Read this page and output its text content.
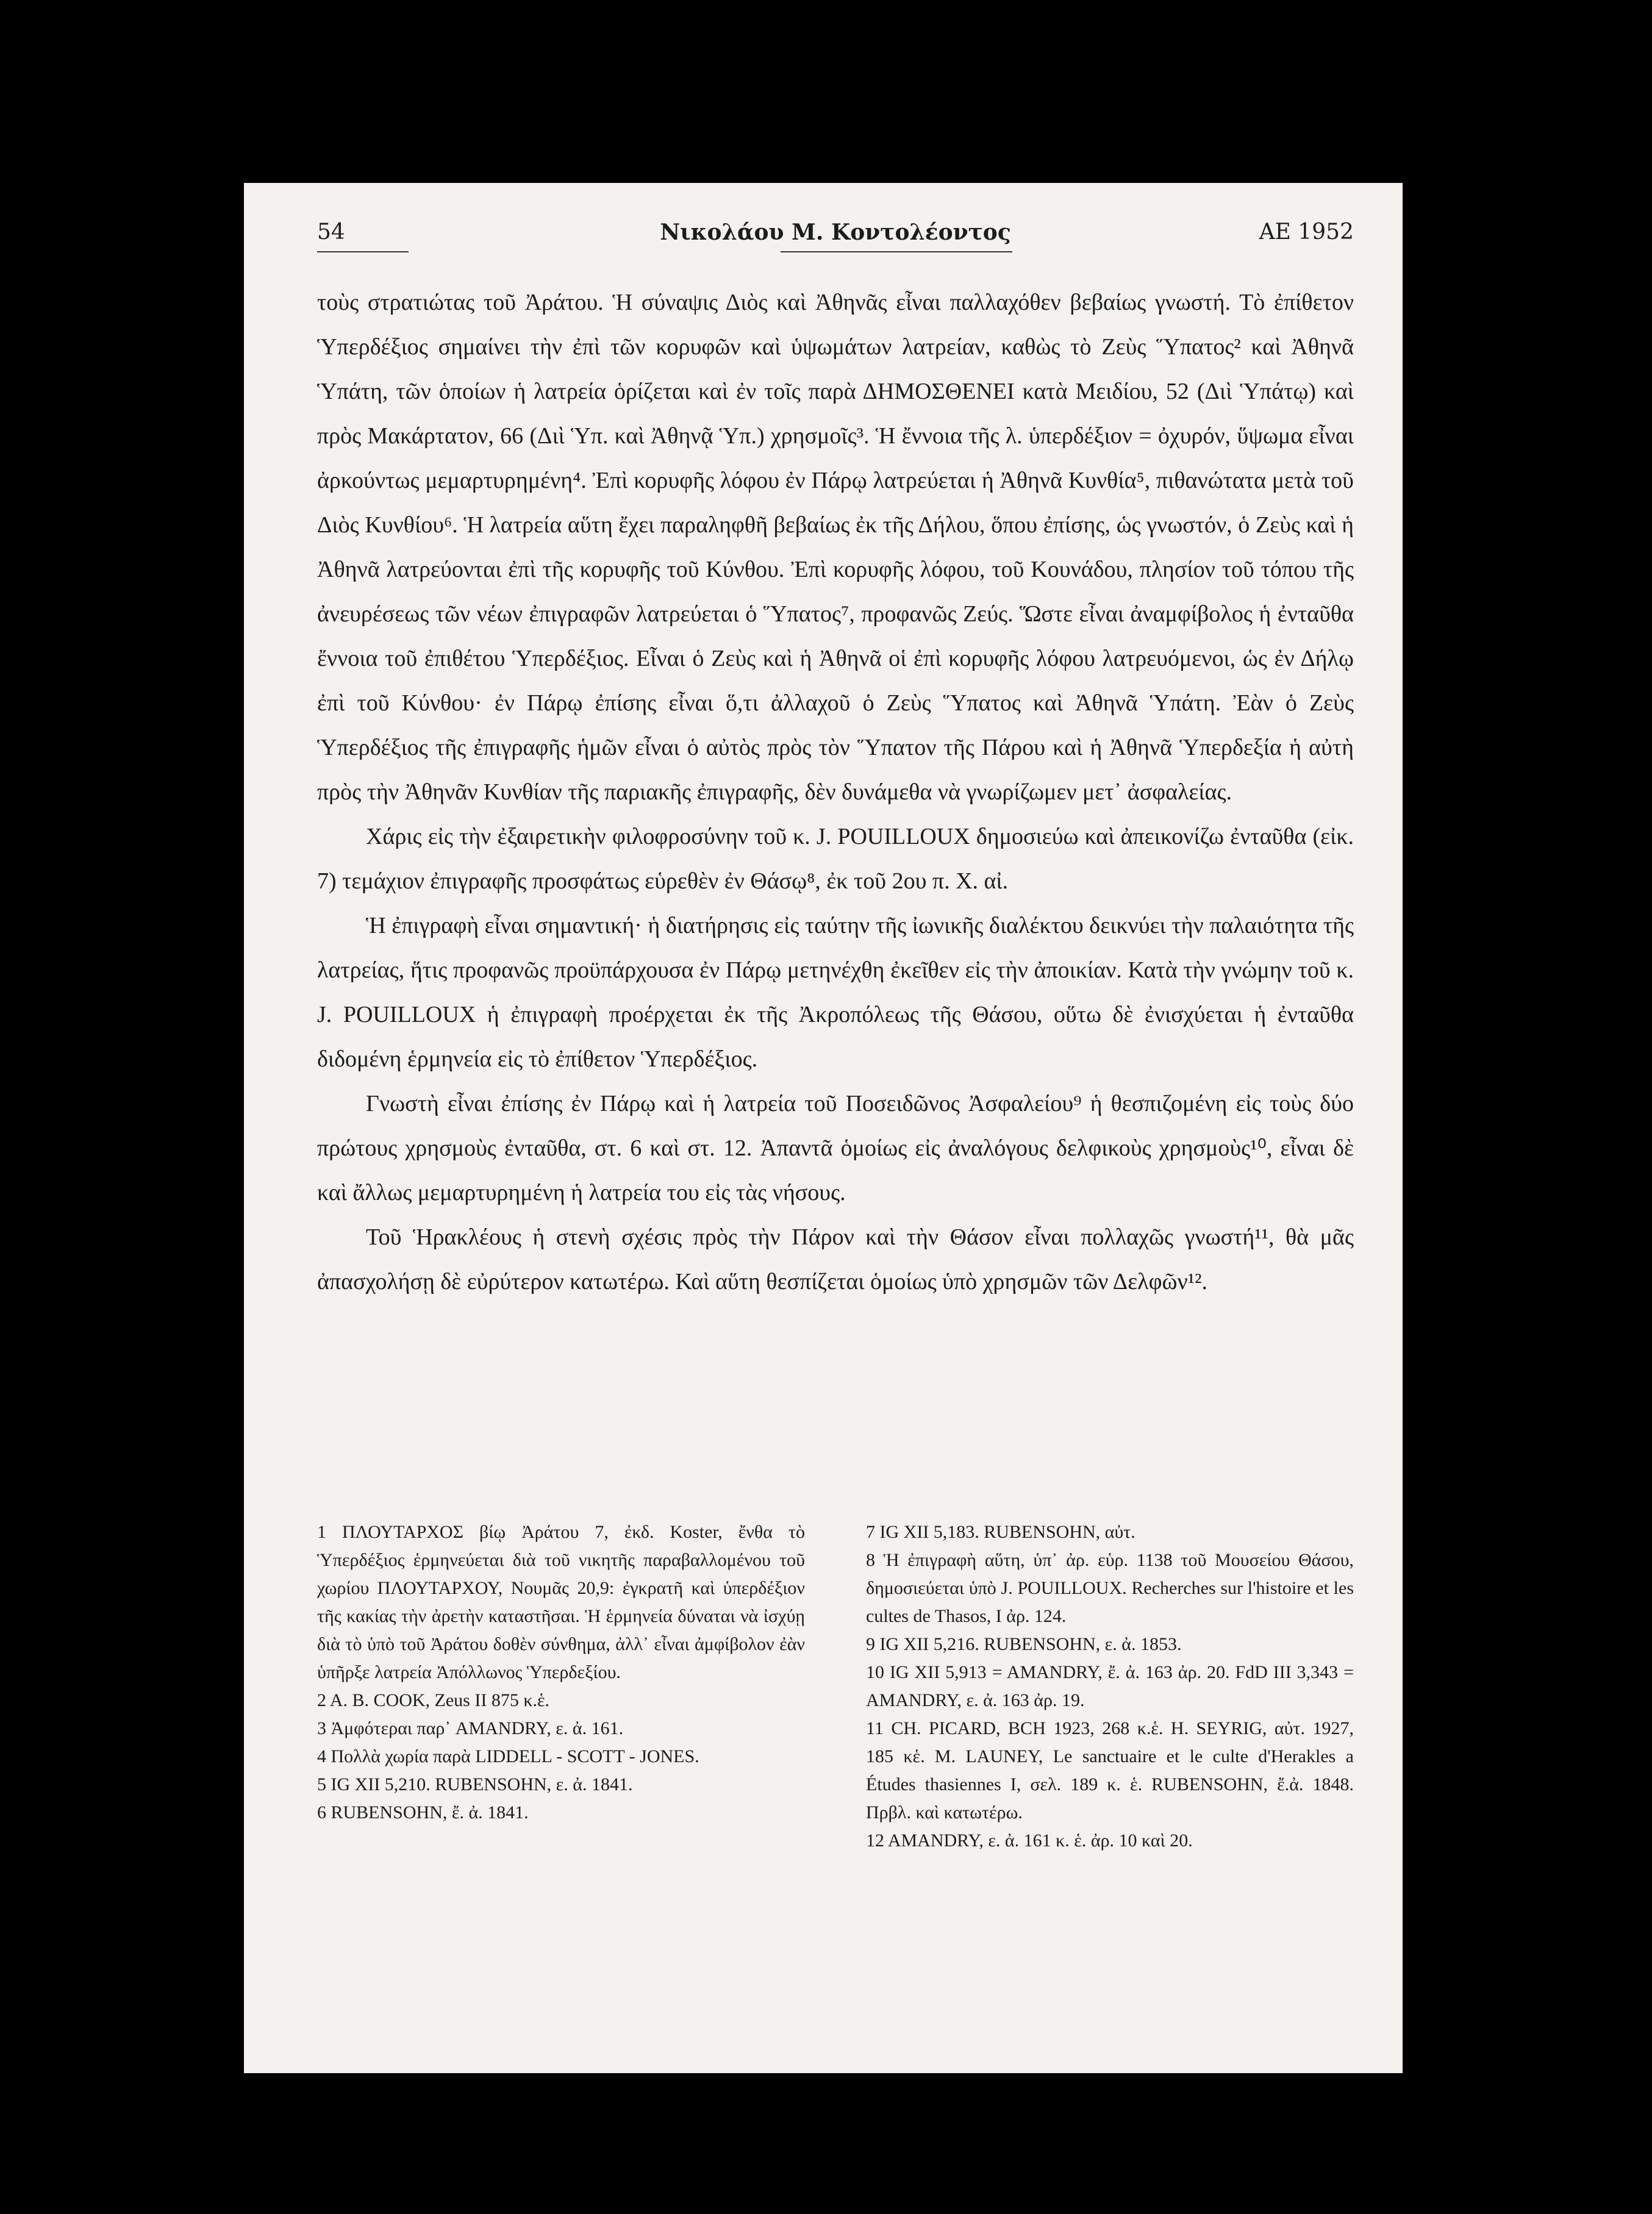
54	Νικολάου Μ. Κοντολέοντος	ΑΕ 1952

τοὺς στρατιώτας τοῦ Ἀράτου. Ἡ σύναψις Διὸς καὶ Ἀθηνᾶς εἶναι παλλαχόθεν βεβαίως γνωστή. Τὸ ἐπίθετον Ὑπερδέξιος σημαίνει τὴν ἐπὶ τῶν κορυφῶν καὶ ὑψωμάτων λατρείαν, καθὼς τὸ Ζεὺς Ὕπατος² καὶ Ἀθηνᾶ Ὑπάτη, τῶν ὁποίων ἡ λατρεία ὁρίζεται καὶ ἐν τοῖς παρὰ ΔΗΜΟΣΘΕΝΕΙ κατὰ Μειδίου, 52 (Διὶ Ὑπάτῳ) καὶ πρὸς Μακάρτατον, 66 (Διὶ Ὑπ. καὶ Ἀθηνᾷ Ὑπ.) χρησμοῖς³. Ἡ ἔννοια τῆς λ. ὑπερδέξιον = ὀχυρόν, ὕψωμα εἶναι ἀρκούντως μεμαρτυρημένη⁴. Ἐπὶ κορυφῆς λόφου ἐν Πάρῳ λατρεύεται ἡ Ἀθηνᾶ Κυνθία⁵, πιθανώτατα μετὰ τοῦ Διὸς Κυνθίου⁶. Ἡ λατρεία αὕτη ἔχει παραληφθῆ βεβαίως ἐκ τῆς Δήλου, ὅπου ἐπίσης, ὡς γνωστόν, ὁ Ζεὺς καὶ ἡ Ἀθηνᾶ λατρεύονται ἐπὶ τῆς κορυφῆς τοῦ Κύνθου. Ἐπὶ κορυφῆς λόφου, τοῦ Κουνάδου, πλησίον τοῦ τόπου τῆς ἀνευρέσεως τῶν νέων ἐπιγραφῶν λατρεύεται ὁ Ὕπατος⁷, προφανῶς Ζεύς. Ὥστε εἶναι ἀναμφίβολος ἡ ἐνταῦθα ἔννοια τοῦ ἐπιθέτου Ὑπερδέξιος. Εἶναι ὁ Ζεὺς καὶ ἡ Ἀθηνᾶ οἱ ἐπὶ κορυφῆς λόφου λατρευόμενοι, ὡς ἐν Δήλῳ ἐπὶ τοῦ Κύνθου· ἐν Πάρῳ ἐπίσης εἶναι ὅ,τι ἀλλαχοῦ ὁ Ζεὺς Ὕπατος καὶ Ἀθηνᾶ Ὑπάτη. Ἐὰν ὁ Ζεὺς Ὑπερδέξιος τῆς ἐπιγραφῆς ἡμῶν εἶναι ὁ αὐτὸς πρὸς τὸν Ὕπατον τῆς Πάρου καὶ ἡ Ἀθηνᾶ Ὑπερδεξία ἡ αὐτὴ πρὸς τὴν Ἀθηνᾶν Κυνθίαν τῆς παριακῆς ἐπιγραφῆς, δὲν δυνάμεθα νὰ γνωρίζωμεν μετ᾽ ἀσφαλείας.

Χάρις εἰς τὴν ἐξαιρετικὴν φιλοφροσύνην τοῦ κ. J. POUILLOUX δημοσιεύω καὶ ἀπεικονίζω ἐνταῦθα (εἰκ. 7) τεμάχιον ἐπιγραφῆς προσφάτως εὑρεθὲν ἐν Θάσῳ⁸, ἐκ τοῦ 2ου π. Χ. αἰ.

Ἡ ἐπιγραφὴ εἶναι σημαντική· ἡ διατήρησις εἰς ταύτην τῆς ἰωνικῆς διαλέκτου δεικνύει τὴν παλαιότητα τῆς λατρείας, ἥτις προφανῶς προϋπάρχουσα ἐν Πάρῳ μετηνέχθη ἐκεῖθεν εἰς τὴν ἀποικίαν. Κατὰ τὴν γνώμην τοῦ κ. J. POUILLOUX ἡ ἐπιγραφὴ προέρχεται ἐκ τῆς Ἀκροπόλεως τῆς Θάσου, οὕτω δὲ ἐνισχύεται ἡ ἐνταῦθα διδομένη ἑρμηνεία εἰς τὸ ἐπίθετον Ὑπερδέξιος.

Γνωστὴ εἶναι ἐπίσης ἐν Πάρῳ καὶ ἡ λατρεία τοῦ Ποσειδῶνος Ἀσφαλείου⁹ ἡ θεσπιζομένη εἰς τοὺς δύο πρώτους χρησμοὺς ἐνταῦθα, στ. 6 καὶ στ. 12. Ἀπαντᾶ ὁμοίως εἰς ἀναλόγους δελφικοὺς χρησμοὺς¹⁰, εἶναι δὲ καὶ ἄλλως μεμαρτυρημένη ἡ λατρεία του εἰς τὰς νήσους.

Τοῦ Ἡρακλέους ἡ στενὴ σχέσις πρὸς τὴν Πάρον καὶ τὴν Θάσον εἶναι πολλαχῶς γνωστή¹¹, θὰ μᾶς ἀπασχολήσῃ δὲ εὐρύτερον κατωτέρω. Καὶ αὕτη θεσπίζεται ὁμοίως ὑπὸ χρησμῶν τῶν Δελφῶν¹².

1 ΠΛΟΥΤΑΡΧΟΣ βίῳ Ἀράτου 7, ἐκδ. Koster, ἔνθα τὸ Ὑπερδέξιος ἑρμηνεύεται διὰ τοῦ νικητῆς παραβαλλομένου τοῦ χωρίου ΠΛΟΥΤΑΡΧΟΥ, Νουμᾶς 20,9: ἐγκρατῆ καὶ ὑπερδέξιον τῆς κακίας τὴν ἀρετὴν καταστῆσαι. Ἡ ἑρμηνεία δύναται νὰ ἰσχύῃ διὰ τὸ ὑπὸ τοῦ Ἀράτου δοθὲν σύνθημα, ἀλλ᾽ εἶναι ἀμφίβολον ἐὰν ὑπῆρξε λατρεία Ἀπόλλωνος Ὑπερδεξίου.

2 A. B. COOK, Zeus II 875 κ.ἑ.

3 Ἀμφότεραι παρ᾽ AMANDRY, ε. ἀ. 161.

4 Πολλὰ χωρία παρὰ LIDDELL - SCOTT - JONES.

5 IG XII 5,210. RUBENSOHN, ε. ἀ. 1841.

6 RUBENSOHN, ἔ. ἀ. 1841.

7 IG XII 5,183. RUBENSOHN, αὐτ.

8 Ἡ ἐπιγραφὴ αὕτη, ὑπ᾽ ἀρ. εὑρ. 1138 τοῦ Μουσείου Θάσου, δημοσιεύεται ὑπὸ J. POUILLOUX. Recherches sur l'histoire et les cultes de Thasos, I ἀρ. 124.

9 IG XII 5,216. RUBENSOHN, ε. ἀ. 1853.

10 IG XII 5,913 = AMANDRY, ἔ. ἀ. 163 ἀρ. 20. FdD III 3,343 = AMANDRY, ε. ἀ. 163 ἀρ. 19.

11 CH. PICARD, BCH 1923, 268 κ.ἑ. H. SEYRIG, αὐτ. 1927, 185 κἑ. M. LAUNEY, Le sanctuaire et le culte d'Herakles a Études thasiennes I, σελ. 189 κ. ἑ. RUBENSOHN, ἔ.ἀ. 1848. Πρβλ. καὶ κατωτέρω.

12 AMANDRY, ε. ἀ. 161 κ. ἑ. ἀρ. 10 καὶ 20.
